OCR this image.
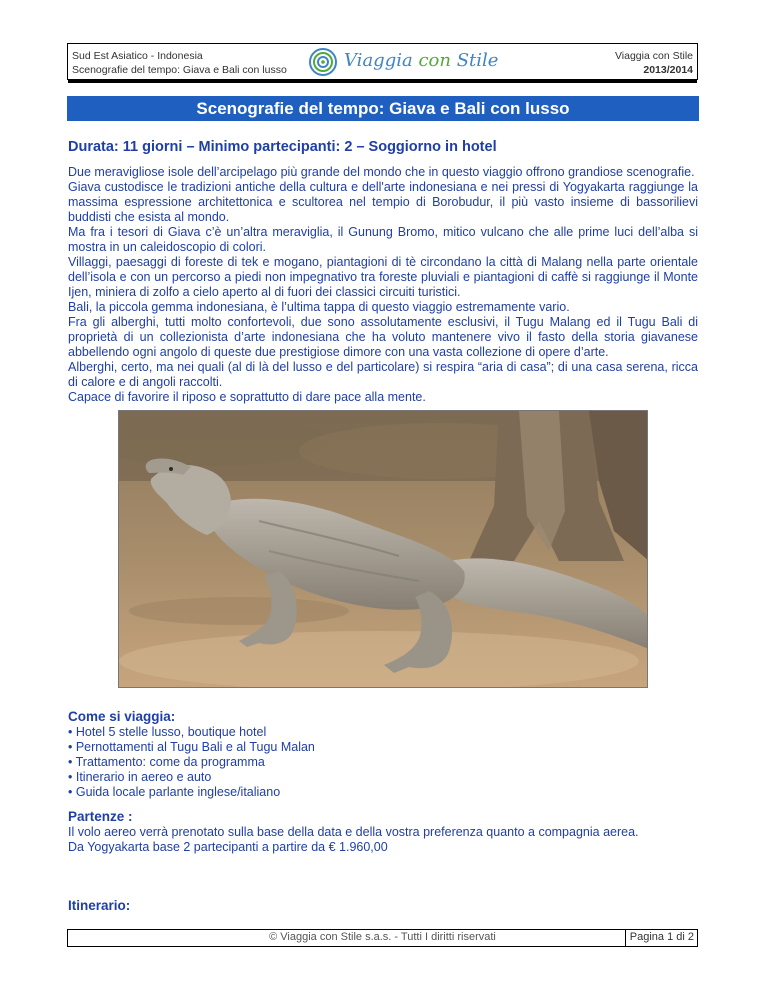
Sud Est Asiatico - Indonesia
Scenografie del tempo: Giava e Bali con lusso	Viaggia con Stile	Viaggia con Stile
2013/2014
Scenografie del tempo: Giava e Bali con lusso
Durata: 11 giorni – Minimo partecipanti: 2 – Soggiorno in hotel

Due meravigliose isole dell’arcipelago più grande del mondo che in questo viaggio offrono grandiose scenografie.

Giava custodisce le tradizioni antiche della cultura e dell'arte indonesiana e nei pressi di Yogyakarta raggiunge la massima espressione architettonica e scultorea nel tempio di Borobudur, il più vasto insieme di bassorilievi buddisti che esista al mondo.

Ma fra i tesori di Giava c’è un’altra meraviglia, il Gunung Bromo, mitico vulcano che alle prime luci dell’alba si mostra in un caleidoscopio di colori.

Villaggi, paesaggi di foreste di tek e mogano, piantagioni di tè circondano la città di Malang nella parte orientale dell’isola e con un percorso a piedi non impegnativo tra foreste pluviali e piantagioni di caffè si raggiunge il Monte Ijen, miniera di zolfo a cielo aperto al di fuori dei classici circuiti turistici.

Bali, la piccola gemma indonesiana, è l’ultima tappa di questo viaggio estremamente vario.

Fra gli alberghi, tutti molto confortevoli, due sono assolutamente esclusivi, il Tugu Malang ed il Tugu Bali di proprietà di un collezionista d’arte indonesiana che ha voluto mantenere vivo il fasto della storia giavanese abbellendo ogni angolo di queste due prestigiose dimore con una vasta collezione di opere d’arte.

Alberghi, certo, ma nei quali (al di là del lusso e del particolare) si respira “aria di casa”; di una casa serena, ricca di calore e di angoli raccolti.

Capace di favorire il riposo e soprattutto di dare pace alla mente.

Come si viaggia:
• Hotel 5 stelle lusso, boutique hotel
• Pernottamenti al Tugu Bali e al Tugu Malan
• Trattamento: come da programma
• Itinerario in aereo e auto
• Guida locale parlante inglese/italiano
Partenze :

Il volo aereo verrà prenotato sulla base della data e della vostra preferenza quanto a compagnia aerea.

Da Yogyakarta base 2 partecipanti a partire da € 1.960,00

Itinerario:
© Viaggia con Stile s.a.s. - Tutti I diritti riservati	Pagina 1 di 2
